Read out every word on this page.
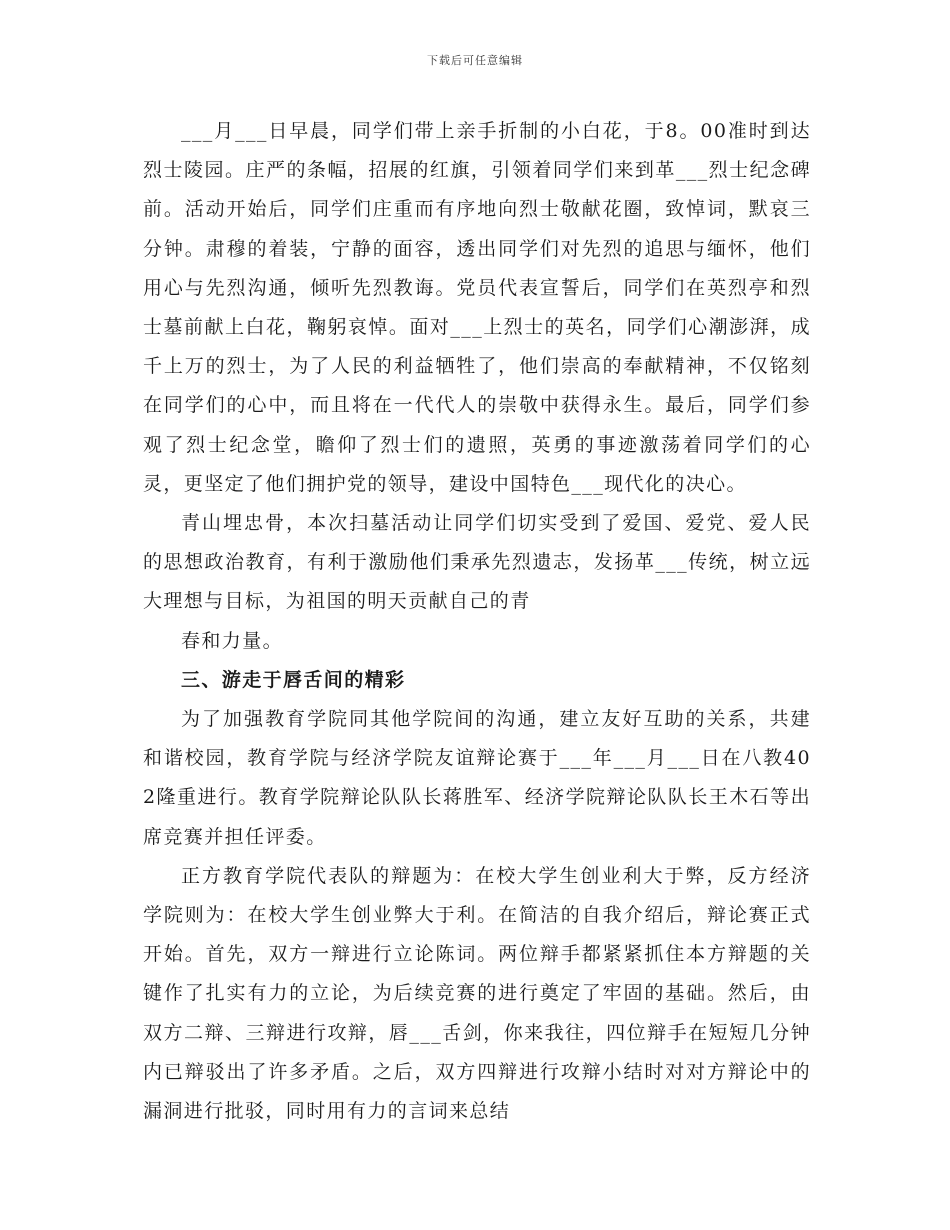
下载后可任意编辑

___月___日早晨，同学们带上亲手折制的小白花，于8。00准时到达烈士陵园。庄严的条幅，招展的红旗，引领着同学们来到革___烈士纪念碑前。活动开始后，同学们庄重而有序地向烈士敬献花圈，致悼词，默哀三分钟。肃穆的着装，宁静的面容，透出同学们对先烈的追思与缅怀，他们用心与先烈沟通，倾听先烈教诲。党员代表宣誓后，同学们在英烈亭和烈士墓前献上白花，鞠躬哀悼。面对___上烈士的英名，同学们心潮澎湃，成千上万的烈士，为了人民的利益牺牲了，他们崇高的奉献精神，不仅铭刻在同学们的心中，而且将在一代代人的崇敬中获得永生。最后，同学们参观了烈士纪念堂，瞻仰了烈士们的遗照，英勇的事迹激荡着同学们的心灵，更坚定了他们拥护党的领导，建设中国特色___现代化的决心。

青山埋忠骨，本次扫墓活动让同学们切实受到了爱国、爱党、爱人民的思想政治教育，有利于激励他们秉承先烈遗志，发扬革___传统，树立远大理想与目标，为祖国的明天贡献自己的青

春和力量。

三、游走于唇舌间的精彩

为了加强教育学院同其他学院间的沟通，建立友好互助的关系，共建和谐校园，教育学院与经济学院友谊辩论赛于___年___月___日在八教402隆重进行。教育学院辩论队队长蒋胜军、经济学院辩论队队长王木石等出席竞赛并担任评委。

正方教育学院代表队的辩题为：在校大学生创业利大于弊，反方经济学院则为：在校大学生创业弊大于利。在简洁的自我介绍后，辩论赛正式开始。首先，双方一辩进行立论陈词。两位辩手都紧紧抓住本方辩题的关键作了扎实有力的立论，为后续竞赛的进行奠定了牢固的基础。然后，由双方二辩、三辩进行攻辩，唇___舌剑，你来我往，四位辩手在短短几分钟内已辩驳出了许多矛盾。之后，双方四辩进行攻辩小结时对对方辩论中的漏洞进行批驳，同时用有力的言词来总结
